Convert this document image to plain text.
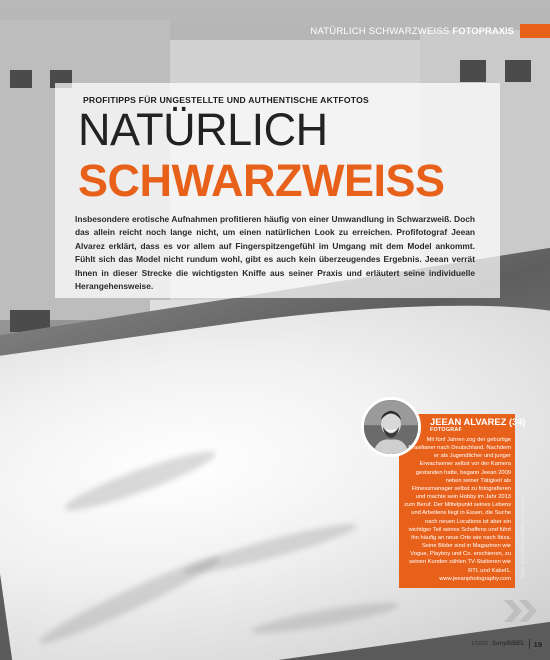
NATÜRLICH SCHWARZWEISS FOTOPRAXIS
PROFITIPPS FÜR UNGESTELLTE UND AUTHENTISCHE AKTFOTOS
NATÜRLICH
SCHWARZWEISS
Insbesondere erotische Aufnahmen profitieren häufig von einer Umwandlung in Schwarzweiß. Doch das allein reicht noch lange nicht, um einen natürlichen Look zu erreichen. Profifotograf Jeean Alvarez erklärt, dass es vor allem auf Fingerspitzengefühl im Umgang mit dem Model ankommt. Fühlt sich das Model nicht rundum wohl, gibt es auch kein überzeugendes Ergebnis. Jeean verrät Ihnen in dieser Strecke die wichtigsten Kniffe aus seiner Praxis und erläutert seine individuelle Herangehensweise.
JEEAN ALVAREZ (34)
FOTOGRAF
Mit fünf Jahren zog der gebürtige Brasilianer nach Deutschland. Nachdem er als Jugendlicher und junger Erwachsener selbst vor der Kamera gestanden hatte, begann Jeean 2009 neben seiner Tätigkeit als Fitnessmanager selbst zu fotografieren und machte sein Hobby im Jahr 2013 zum Beruf. Der Mittelpunkt seines Lebens und Arbeitens liegt in Essen, die Suche nach neuen Locations ist aber ein wichtiger Teil seines Schaffens und führt ihn häufig an neue Orte wie nach Ibiza. Seine Bilder sind in Magazinen wie Vogue, Playboy und Co. erschienen, zu seinen Kunden zählen TV-Stationen wie RTL und Kabel1. www.jeeanphotography.com
Fotos: Jeean Alvarez, Model: Carolin Mats
1/2020 SonyBIBEL 19
